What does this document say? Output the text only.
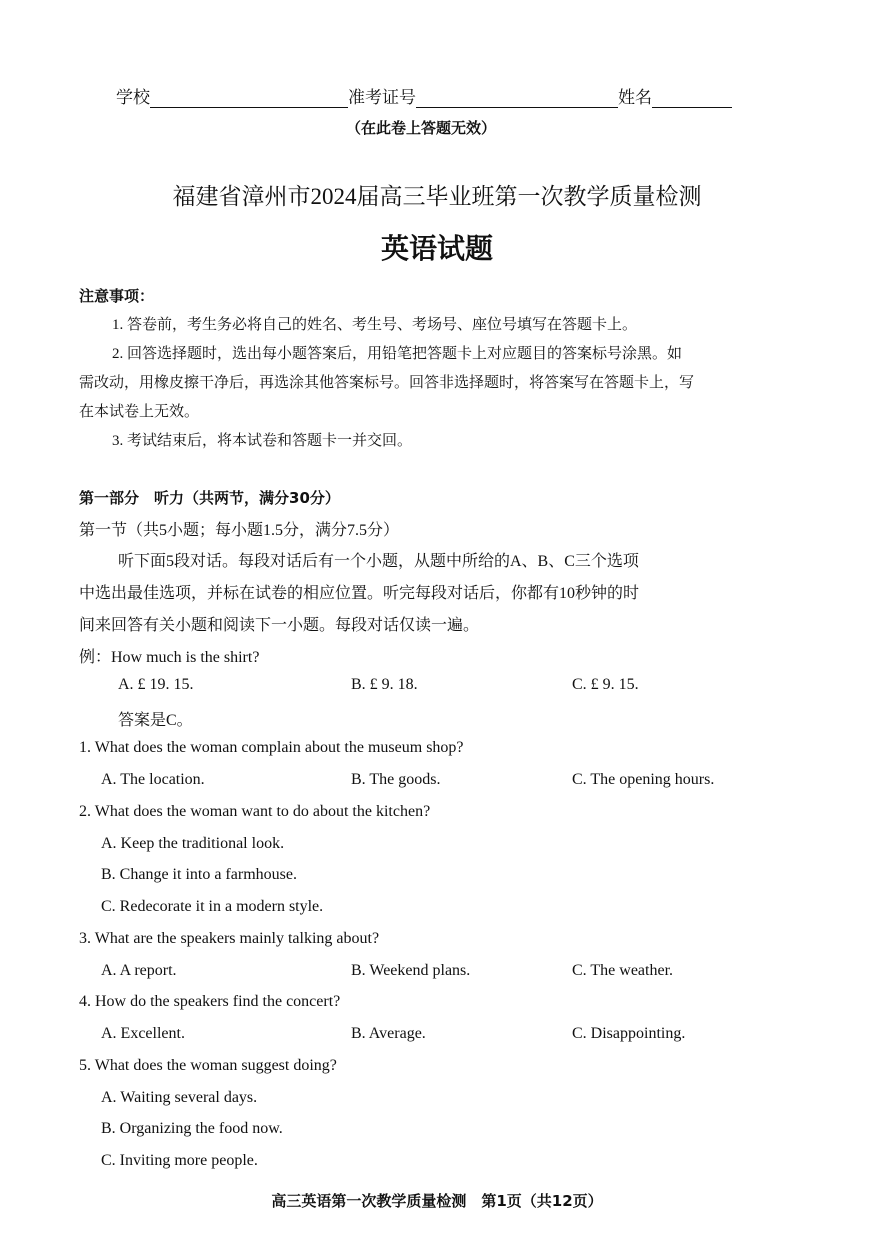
学校	准考证号	姓名
（在此卷上答题无效）
福建省漳州市2024届高三毕业班第一次教学质量检测
英语试题
注意事项：
1. 答卷前，考生务必将自己的姓名、考生号、考场号、座位号填写在答题卡上。
2. 回答选择题时，选出每小题答案后，用铅笔把答题卡上对应题目的答案标号涂黑。如
需改动，用橡皮擦干净后，再选涂其他答案标号。回答非选择题时，将答案写在答题卡上，写
在本试卷上无效。
3. 考试结束后，将本试卷和答题卡一并交回。
第一部分　听力（共两节，满分30分）
第一节（共5小题；每小题1.5分，满分7.5分）
听下面5段对话。每段对话后有一个小题，从题中所给的A、B、C三个选项
中选出最佳选项，并标在试卷的相应位置。听完每段对话后，你都有10秒钟的时
间来回答有关小题和阅读下一小题。每段对话仅读一遍。
例：How much is the shirt?
A. £ 19. 15.	B. £ 9. 18.	C. £ 9. 15.
答案是C。
1. What does the woman complain about the museum shop?
A. The location.	B. The goods.	C. The opening hours.
2. What does the woman want to do about the kitchen?
A. Keep the traditional look.
B. Change it into a farmhouse.
C. Redecorate it in a modern style.
3. What are the speakers mainly talking about?
A. A report.	B. Weekend plans.	C. The weather.
4. How do the speakers find the concert?
A. Excellent.	B. Average.	C. Disappointing.
5. What does the woman suggest doing?
A. Waiting several days.
B. Organizing the food now.
C. Inviting more people.
高三英语第一次教学质量检测　第1页（共12页）
